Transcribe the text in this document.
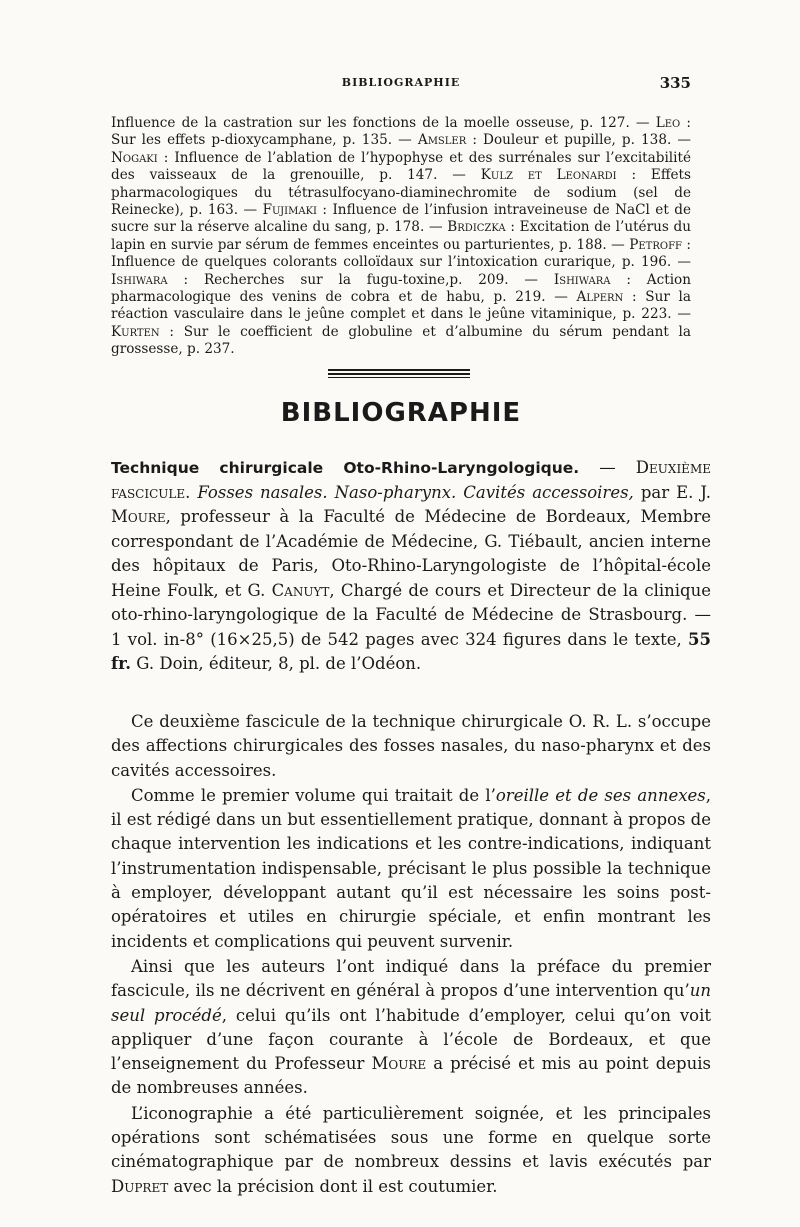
BIBLIOGRAPHIE	335
Influence de la castration sur les fonctions de la moelle osseuse, p. 127. — Leo : Sur les effets p-dioxycamphane, p. 135. — Amsler : Douleur et pupille, p. 138. — Nogaki : Influence de l’ablation de l’hypophyse et des surrénales sur l’excitabilité des vaisseaux de la grenouille, p. 147. — Kulz et Leonardi : Effets pharmacologiques du tétrasulfocyano-diaminechromite de sodium (sel de Reinecke), p. 163. — Fujimaki : Influence de l’infusion intraveineuse de NaCl et de sucre sur la réserve alcaline du sang, p. 178. — Brdiczka : Excitation de l’utérus du lapin en survie par sérum de femmes enceintes ou parturientes, p. 188. — Petroff : Influence de quelques colorants colloïdaux sur l’intoxication curarique, p. 196. — Ishiwara : Recherches sur la fugu-toxine,p. 209. — Ishiwara : Action pharmacologique des venins de cobra et de habu, p. 219. — Alpern : Sur la réaction vasculaire dans le jeûne complet et dans le jeûne vitaminique, p. 223. — Kurten : Sur le coefficient de globuline et d’albumine du sérum pendant la grossesse, p. 237.
BIBLIOGRAPHIE
Technique chirurgicale Oto-Rhino-Laryngologique. — Deuxième fascicule. Fosses nasales. Naso-pharynx. Cavités accessoires, par E. J. Moure, professeur à la Faculté de Médecine de Bordeaux, Membre correspondant de l’Académie de Médecine, G. Tiébault, ancien interne des hôpitaux de Paris, Oto-Rhino-Laryngologiste de l’hôpital-école Heine Foulk, et G. Canuyt, Chargé de cours et Directeur de la clinique oto-rhino-laryngologique de la Faculté de Médecine de Strasbourg. — 1 vol. in-8° (16×25,5) de 542 pages avec 324 figures dans le texte, 55 fr. G. Doin, éditeur, 8, pl. de l’Odéon.

Ce deuxième fascicule de la technique chirurgicale O. R. L. s’occupe des affections chirurgicales des fosses nasales, du naso-pharynx et des cavités accessoires.

Comme le premier volume qui traitait de l’oreille et de ses annexes, il est rédigé dans un but essentiellement pratique, donnant à propos de chaque intervention les indications et les contre-indications, indiquant l’instrumentation indispensable, précisant le plus possible la technique à employer, développant autant qu’il est nécessaire les soins post-opératoires et utiles en chirurgie spéciale, et enfin montrant les incidents et complications qui peuvent survenir.

Ainsi que les auteurs l’ont indiqué dans la préface du premier fascicule, ils ne décrivent en général à propos d’une intervention qu’un seul procédé, celui qu’ils ont l’habitude d’employer, celui qu’on voit appliquer d’une façon courante à l’école de Bordeaux, et que l’enseignement du Professeur Moure a précisé et mis au point depuis de nombreuses années.

L’iconographie a été particulièrement soignée, et les principales opérations sont schématisées sous une forme en quelque sorte cinématographique par de nombreux dessins et lavis exécutés par Dupret avec la précision dont il est coutumier.
